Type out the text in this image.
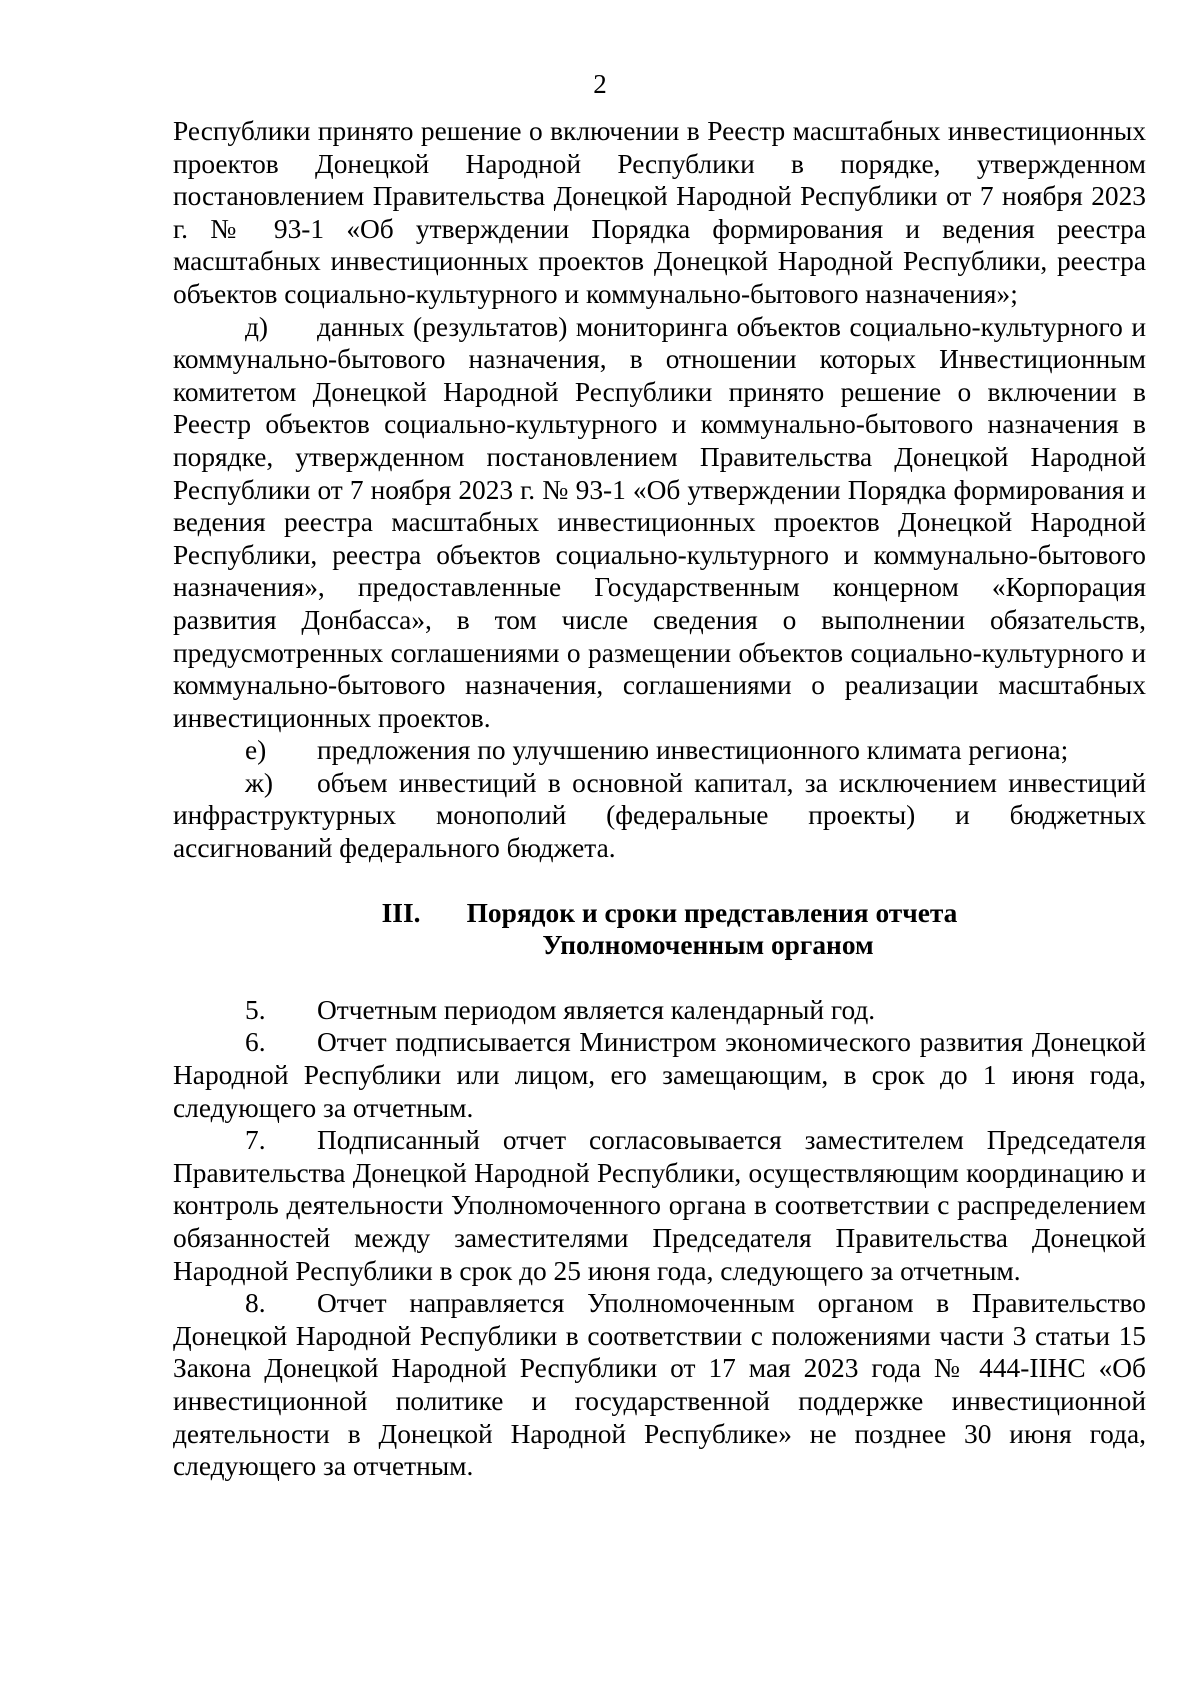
2

Республики принято решение о включении в Реестр масштабных инвестиционных проектов Донецкой Народной Республики в порядке, утвержденном постановлением Правительства Донецкой Народной Республики от 7 ноября 2023 г. № 93-1 «Об утверждении Порядка формирования и ведения реестра масштабных инвестиционных проектов Донецкой Народной Республики, реестра объектов социально-культурного и коммунально-бытового назначения»;

д) данных (результатов) мониторинга объектов социально-культурного и коммунально-бытового назначения, в отношении которых Инвестиционным комитетом Донецкой Народной Республики принято решение о включении в Реестр объектов социально-культурного и коммунально-бытового назначения в порядке, утвержденном постановлением Правительства Донецкой Народной Республики от 7 ноября 2023 г. № 93-1 «Об утверждении Порядка формирования и ведения реестра масштабных инвестиционных проектов Донецкой Народной Республики, реестра объектов социально-культурного и коммунально-бытового назначения», предоставленные Государственным концерном «Корпорация развития Донбасса», в том числе сведения о выполнении обязательств, предусмотренных соглашениями о размещении объектов социально-культурного и коммунально-бытового назначения, соглашениями о реализации масштабных инвестиционных проектов.

е) предложения по улучшению инвестиционного климата региона;

ж) объем инвестиций в основной капитал, за исключением инвестиций инфраструктурных монополий (федеральные проекты) и бюджетных ассигнований федерального бюджета.

III. Порядок и сроки представления отчета
Уполномоченным органом

5. Отчетным периодом является календарный год.

6. Отчет подписывается Министром экономического развития Донецкой Народной Республики или лицом, его замещающим, в срок до 1 июня года, следующего за отчетным.

7. Подписанный отчет согласовывается заместителем Председателя Правительства Донецкой Народной Республики, осуществляющим координацию и контроль деятельности Уполномоченного органа в соответствии с распределением обязанностей между заместителями Председателя Правительства Донецкой Народной Республики в срок до 25 июня года, следующего за отчетным.

8. Отчет направляется Уполномоченным органом в Правительство Донецкой Народной Республики в соответствии с положениями части 3 статьи 15 Закона Донецкой Народной Республики от 17 мая 2023 года № 444-IIНС «Об инвестиционной политике и государственной поддержке инвестиционной деятельности в Донецкой Народной Республике» не позднее 30 июня года, следующего за отчетным.
